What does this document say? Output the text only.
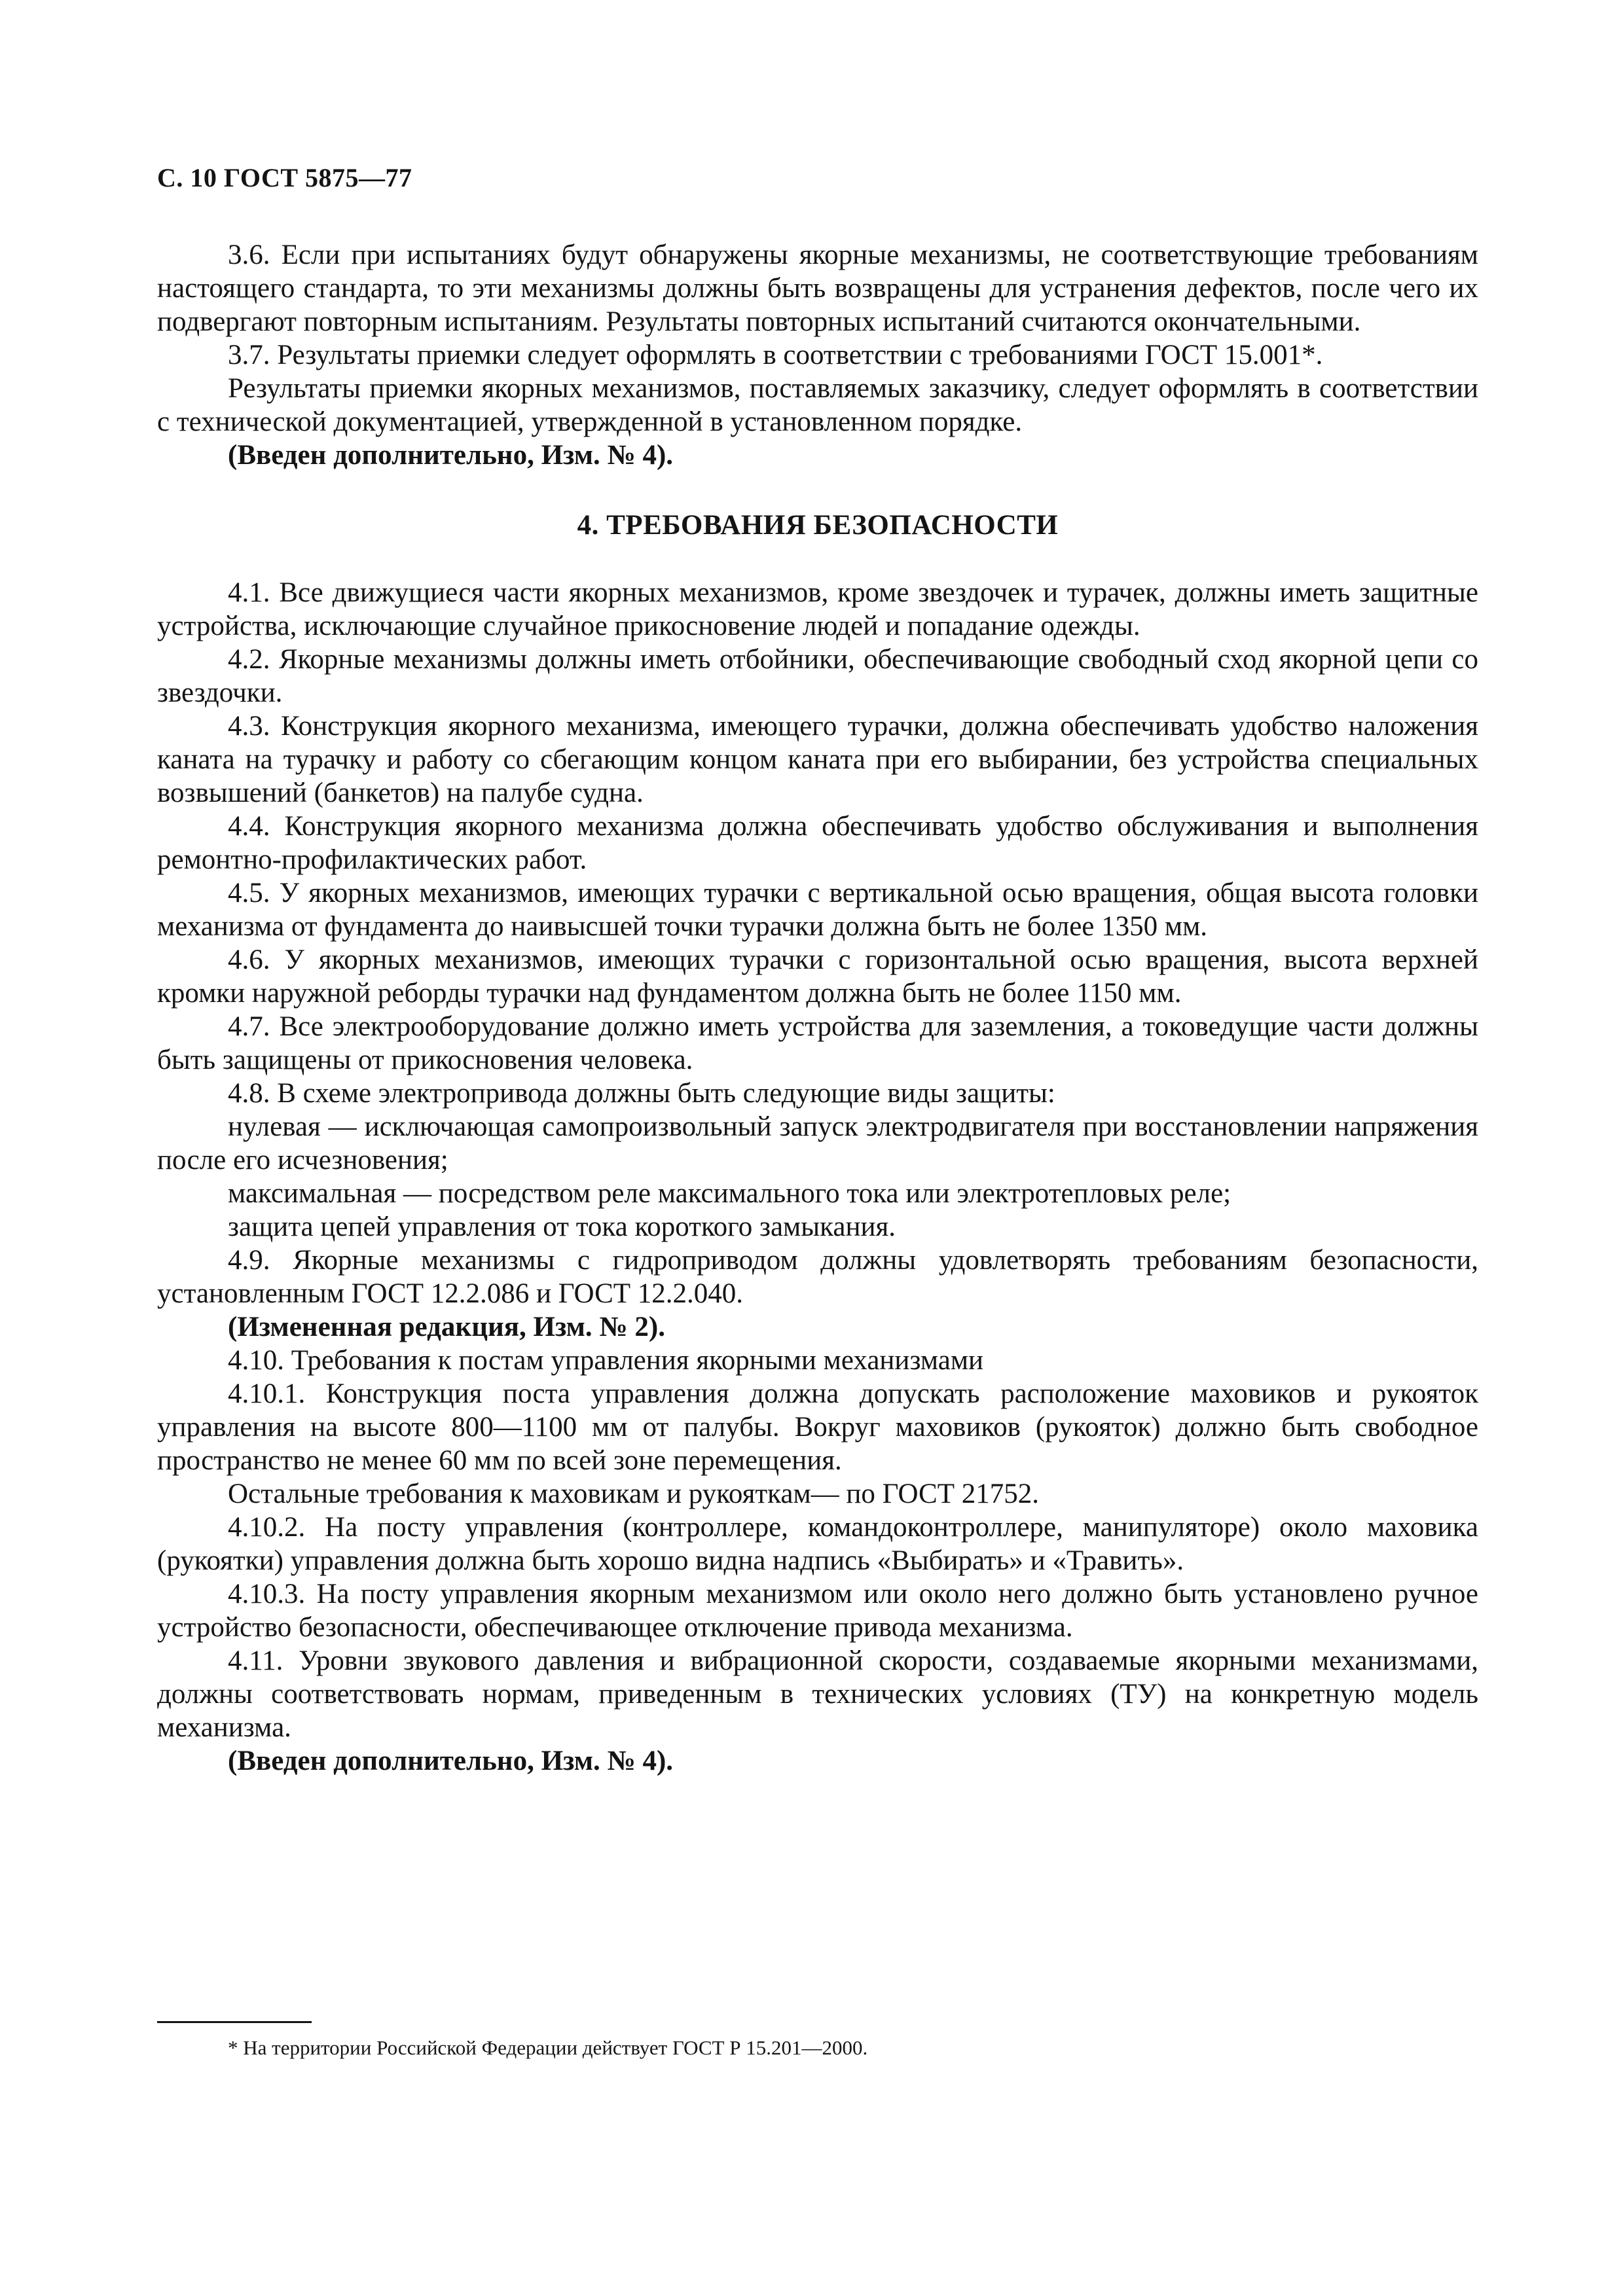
С. 10 ГОСТ 5875—77

3.6. Если при испытаниях будут обнаружены якорные механизмы, не соответствующие требованиям настоящего стандарта, то эти механизмы должны быть возвращены для устранения дефектов, после чего их подвергают повторным испытаниям. Результаты повторных испытаний считаются окончательными.

3.7. Результаты приемки следует оформлять в соответствии с требованиями ГОСТ 15.001*.

Результаты приемки якорных механизмов, поставляемых заказчику, следует оформлять в соответствии с технической документацией, утвержденной в установленном порядке.

(Введен дополнительно, Изм. № 4).

4. ТРЕБОВАНИЯ БЕЗОПАСНОСТИ

4.1. Все движущиеся части якорных механизмов, кроме звездочек и турачек, должны иметь защитные устройства, исключающие случайное прикосновение людей и попадание одежды.

4.2. Якорные механизмы должны иметь отбойники, обеспечивающие свободный сход якорной цепи со звездочки.

4.3. Конструкция якорного механизма, имеющего турачки, должна обеспечивать удобство наложения каната на турачку и работу со сбегающим концом каната при его выбирании, без устройства специальных возвышений (банкетов) на палубе судна.

4.4. Конструкция якорного механизма должна обеспечивать удобство обслуживания и выполнения ремонтно-профилактических работ.

4.5. У якорных механизмов, имеющих турачки с вертикальной осью вращения, общая высота головки механизма от фундамента до наивысшей точки турачки должна быть не более 1350 мм.

4.6. У якорных механизмов, имеющих турачки с горизонтальной осью вращения, высота верхней кромки наружной реборды турачки над фундаментом должна быть не более 1150 мм.

4.7. Все электрооборудование должно иметь устройства для заземления, а токоведущие части должны быть защищены от прикосновения человека.

4.8. В схеме электропривода должны быть следующие виды защиты:

нулевая — исключающая самопроизвольный запуск электродвигателя при восстановлении напряжения после его исчезновения;

максимальная — посредством реле максимального тока или электротепловых реле;

защита цепей управления от тока короткого замыкания.

4.9. Якорные механизмы с гидроприводом должны удовлетворять требованиям безопасности, установленным ГОСТ 12.2.086 и ГОСТ 12.2.040.

(Измененная редакция, Изм. № 2).

4.10. Требования к постам управления якорными механизмами

4.10.1. Конструкция поста управления должна допускать расположение маховиков и рукояток управления на высоте 800—1100 мм от палубы. Вокруг маховиков (рукояток) должно быть свободное пространство не менее 60 мм по всей зоне перемещения.

Остальные требования к маховикам и рукояткам— по ГОСТ 21752.

4.10.2. На посту управления (контроллере, командоконтроллере, манипуляторе) около маховика (рукоятки) управления должна быть хорошо видна надпись «Выбирать» и «Травить».

4.10.3. На посту управления якорным механизмом или около него должно быть установлено ручное устройство безопасности, обеспечивающее отключение привода механизма.

4.11. Уровни звукового давления и вибрационной скорости, создаваемые якорными механизмами, должны соответствовать нормам, приведенным в технических условиях (ТУ) на конкретную модель механизма.

(Введен дополнительно, Изм. № 4).

* На территории Российской Федерации действует ГОСТ Р 15.201—2000.
